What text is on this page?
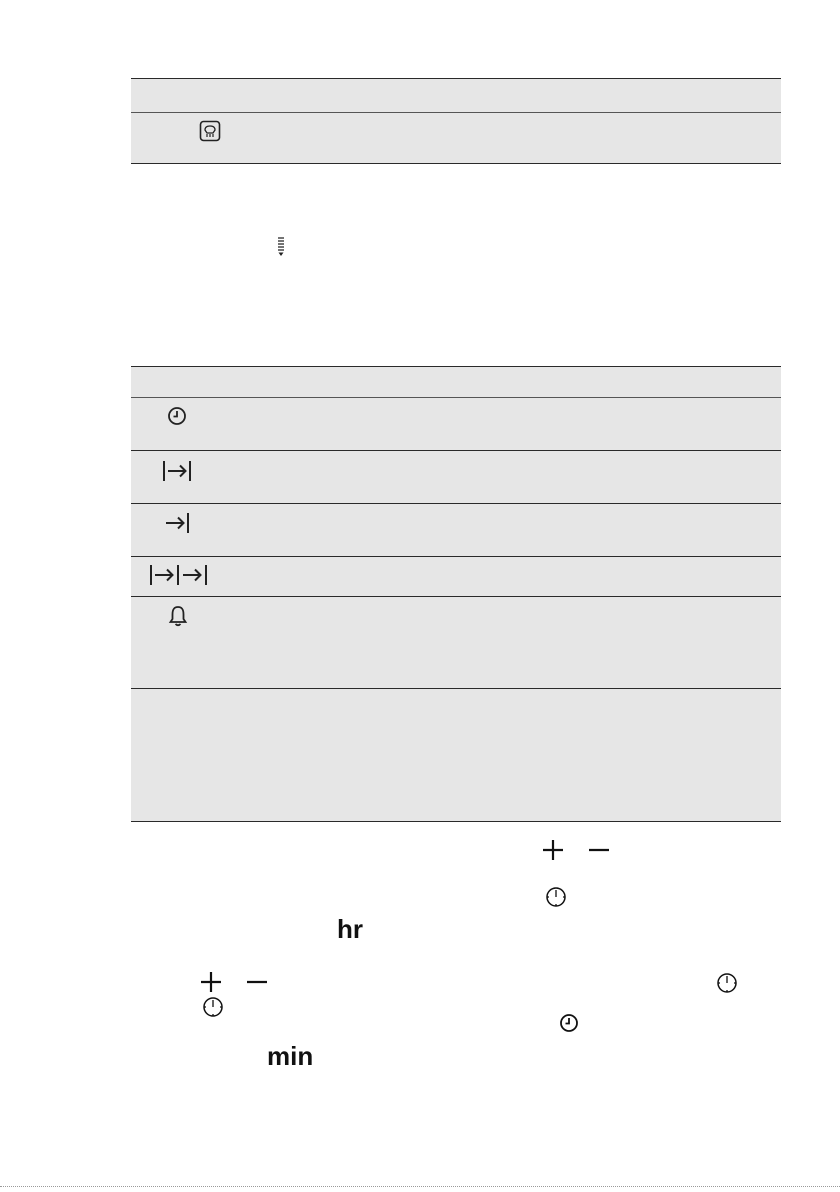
hr
min
